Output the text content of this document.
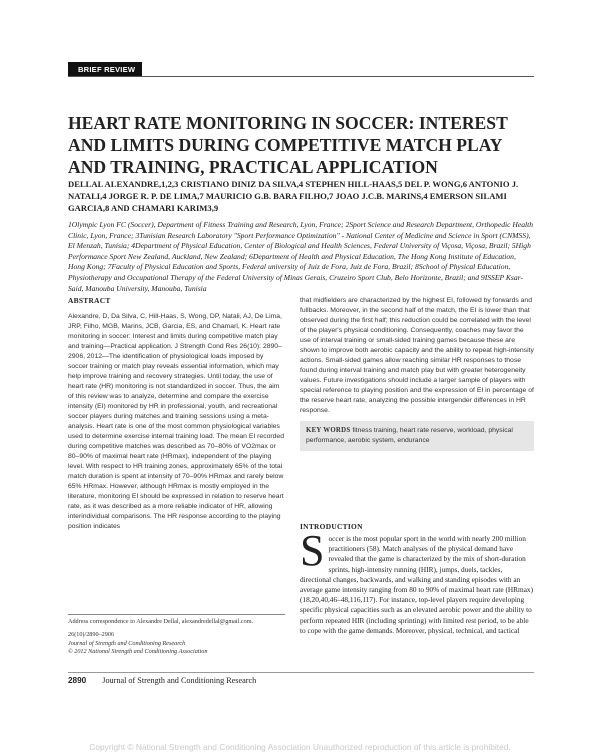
BRIEF REVIEW
HEART RATE MONITORING IN SOCCER: INTEREST AND LIMITS DURING COMPETITIVE MATCH PLAY AND TRAINING, PRACTICAL APPLICATION

DELLAL ALEXANDRE,1,2,3 CRISTIANO DINIZ DA SILVA,4 STEPHEN HILL-HAAS,5 DEL P. WONG,6 ANTONIO J. NATALI,4 JORGE R. P. DE LIMA,7 MAURICIO G.B. BARA FILHO,7 JOAO J.C.B. MARINS,4 EMERSON SILAMI GARCIA,8 AND CHAMARI KARIM3,9

1Olympic Lyon FC (Soccer), Department of Fitness Training and Research, Lyon, France; 2Sport Science and Research Department, Orthopedic Health Clinic, Lyon, France; 3Tunisian Research Laboratory "Sport Performance Optimization" - National Center of Medicine and Science in Sport (CNMSS), El Menzah, Tunisia; 4Department of Physical Education, Center of Biological and Health Sciences, Federal University of Viçosa, Viçosa, Brazil; 5High Performance Sport New Zealand, Auckland, New Zealand; 6Department of Health and Physical Education, The Hong Kong Institute of Education, Hong Kong; 7Faculty of Physical Education and Sports, Federal university of Juiz de Fora, Juiz de Fora, Brazil; 8School of Physical Education, Physiotherapy and Occupational Therapy of the Federal University of Minas Gerais, Cruzeiro Sport Club, Belo Horizonte, Brazil; and 9ISSEP Ksar-Said, Manouba University, Manouba, Tunisia

ABSTRACT

Alexandre, D, Da Silva, C, Hill-Haas, S, Wong, DP, Natali, AJ, De Lima, JRP, Filho, MGB, Marins, JCB, Garcia, ES, and Chamari, K. Heart rate monitoring in soccer: Interest and limits during competitive match play and training—Practical application. J Strength Cond Res 26(10): 2890–2906, 2012—The identification of physiological loads imposed by soccer training or match play reveals essential information, which may help improve training and recovery strategies. Until today, the use of heart rate (HR) monitoring is not standardized in soccer. Thus, the aim of this review was to analyze, determine and compare the exercise intensity (EI) monitored by HR in professional, youth, and recreational soccer players during matches and training sessions using a meta-analysis. Heart rate is one of the most common physiological variables used to determine exercise internal training load. The mean EI recorded during competitive matches was described as 70–80% of VO2max or 80–90% of maximal heart rate (HRmax), independent of the playing level. With respect to HR training zones, approximately 65% of the total match duration is spent at intensity of 70–90% HRmax and rarely below 65% HRmax. However, although HRmax is mostly employed in the literature, monitoring EI should be expressed in relation to reserve heart rate, as it was described as a more reliable indicator of HR, allowing interindividual comparisons. The HR response according to the playing position indicates

that midfielders are characterized by the highest EI, followed by forwards and fullbacks. Moreover, in the second half of the match, the EI is lower than that observed during the first half; this reduction could be correlated with the level of the player's physical conditioning. Consequently, coaches may favor the use of interval training or small-sided training games because these are shown to improve both aerobic capacity and the ability to repeat high-intensity actions. Small-sided games allow reaching similar HR responses to those found during interval training and match play but with greater heterogeneity values. Future investigations should include a larger sample of players with special reference to playing position and the expression of EI in percentage of the reserve heart rate, analyzing the possible intergender differences in HR response.

KEY WORDS fitness training, heart rate reserve, workload, physical performance, aerobic system, endurance
INTRODUCTION
Soccer is the most popular sport in the world with nearly 200 million practitioners (58). Match analyses of the physical demand have revealed that the game is characterized by the mix of short-duration sprints, high-intensity running (HIR), jumps, duels, tackles, directional changes, backwards, and walking and standing episodes with an average game intensity ranging from 80 to 90% of maximal heart rate (HRmax) (18,20,40,46–48,116,117). For instance, top-level players require developing specific physical capacities such as an elevated aerobic power and the ability to perform repeated HIR (including sprinting) with limited rest period, to be able to cope with the game demands. Moreover, physical, technical, and tactical
Address correspondence to Alexandre Dellal, alexandredellal@gmail.com.
26(10)/2890–2906
Journal of Strength and Conditioning Research
© 2012 National Strength and Conditioning Association
2890 Journal of Strength and Conditioning Research
Copyright © National Strength and Conditioning Association Unauthorized reproduction of this article is prohibited.
